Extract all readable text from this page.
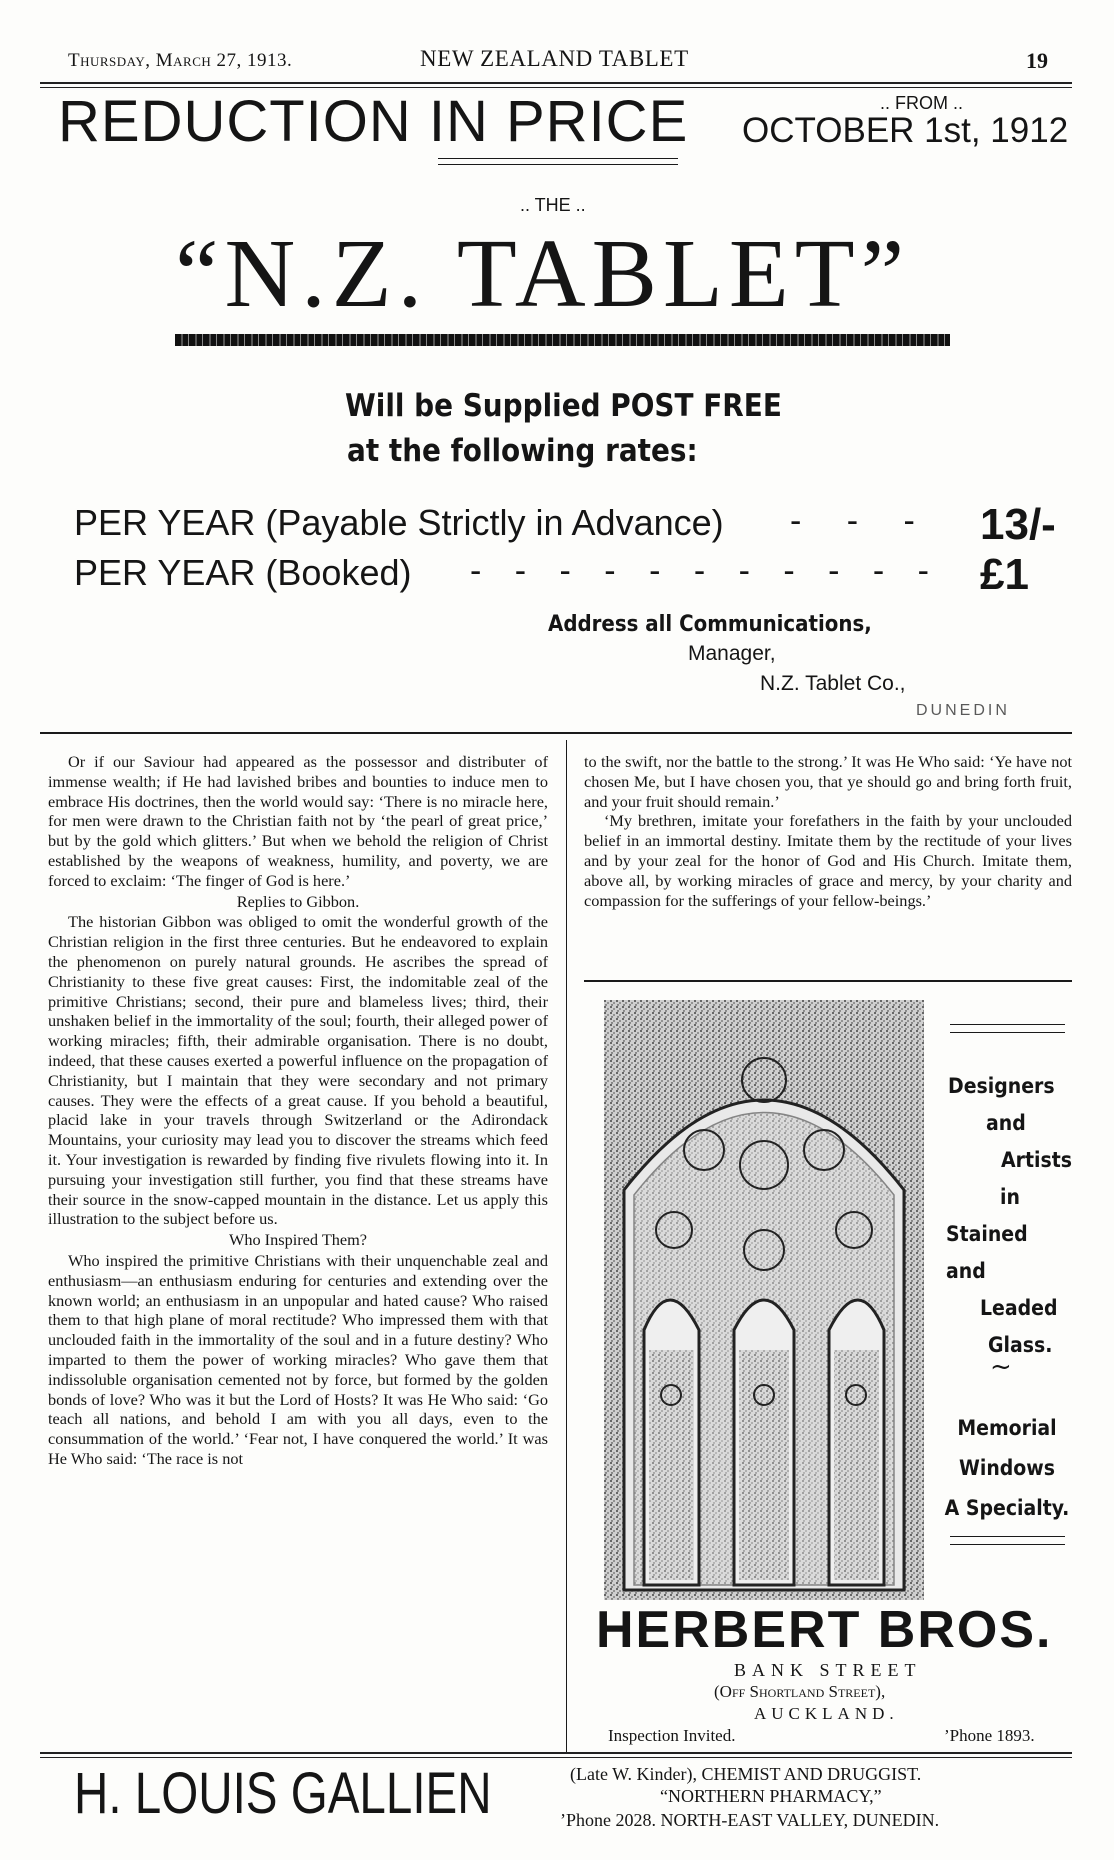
Thursday, March 27, 1913.	NEW ZEALAND TABLET	19
REDUCTION IN PRICE	.. FROM ..
OCTOBER 1st, 1912
.. THE ..
“N.Z. TABLET”
Will be Supplied POST FREE
at the following rates:
PER YEAR (Payable Strictly in Advance) - - - 13/-
PER YEAR (Booked) - - - - - - - - - - - £1
Address all Communications,
Manager,
N.Z. Tablet Co.,
DUNEDIN

Or if our Saviour had appeared as the possessor and distributer of immense wealth; if He had lavished bribes and bounties to induce men to embrace His doctrines, then the world would say: ‘There is no miracle here, for men were drawn to the Christian faith not by ‘the pearl of great price,’ but by the gold which glitters.’ But when we behold the religion of Christ established by the weapons of weakness, humility, and poverty, we are forced to exclaim: ‘The finger of God is here.’

Replies to Gibbon.

The historian Gibbon was obliged to omit the wonderful growth of the Christian religion in the first three centuries. But he endeavored to explain the phenomenon on purely natural grounds. He ascribes the spread of Christianity to these five great causes: First, the indomitable zeal of the primitive Christians; second, their pure and blameless lives; third, their unshaken belief in the immortality of the soul; fourth, their alleged power of working miracles; fifth, their admirable organisation. There is no doubt, indeed, that these causes exerted a powerful influence on the propagation of Christianity, but I maintain that they were secondary and not primary causes. They were the effects of a great cause. If you behold a beautiful, placid lake in your travels through Switzerland or the Adirondack Mountains, your curiosity may lead you to discover the streams which feed it. Your investigation is rewarded by finding five rivulets flowing into it. In pursuing your investigation still further, you find that these streams have their source in the snow-capped mountain in the distance. Let us apply this illustration to the subject before us.

Who Inspired Them?

Who inspired the primitive Christians with their unquenchable zeal and enthusiasm—an enthusiasm enduring for centuries and extending over the known world; an enthusiasm in an unpopular and hated cause? Who raised them to that high plane of moral rectitude? Who impressed them with that unclouded faith in the immortality of the soul and in a future destiny? Who imparted to them the power of working miracles? Who gave them that indissoluble organisation cemented not by force, but formed by the golden bonds of love? Who was it but the Lord of Hosts? It was He Who said: ‘Go teach all nations, and behold I am with you all days, even to the consummation of the world.’ ‘Fear not, I have conquered the world.’ It was He Who said: ‘The race is not

to the swift, nor the battle to the strong.’ It was He Who said: ‘Ye have not chosen Me, but I have chosen you, that ye should go and bring forth fruit, and your fruit should remain.’

‘My brethren, imitate your forefathers in the faith by your unclouded belief in an immortal destiny. Imitate them by the rectitude of your lives and by your zeal for the honor of God and His Church. Imitate them, above all, by working miracles of grace and mercy, by your charity and compassion for the sufferings of your fellow-beings.’

Designers
and
Artists
in
Stained and
Leaded
Glass.
~
Memorial
Windows
A Specialty.
HERBERT BROS.
BANK STREET
(Off Shortland Street),
AUCKLAND.
Inspection Invited.	’Phone 1893.
H. LOUIS GALLIEN	(Late W. Kinder), CHEMIST AND DRUGGIST.
“NORTHERN PHARMACY,”
’Phone 2028. NORTH-EAST VALLEY, DUNEDIN.
